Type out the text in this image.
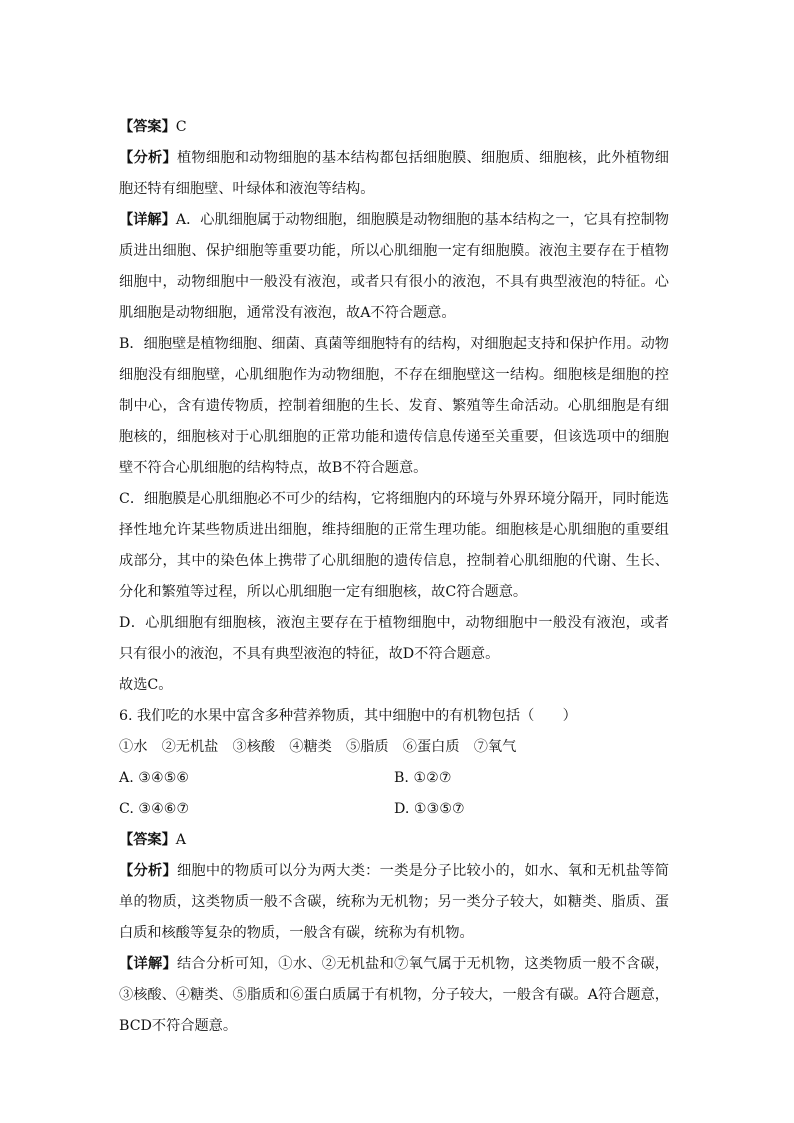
【答案】C

【分析】植物细胞和动物细胞的基本结构都包括细胞膜、细胞质、细胞核，此外植物细胞还特有细胞壁、叶绿体和液泡等结构。

【详解】A．心肌细胞属于动物细胞，细胞膜是动物细胞的基本结构之一，它具有控制物质进出细胞、保护细胞等重要功能，所以心肌细胞一定有细胞膜。液泡主要存在于植物细胞中，动物细胞中一般没有液泡，或者只有很小的液泡，不具有典型液泡的特征。心肌细胞是动物细胞，通常没有液泡，故A不符合题意。

B．细胞壁是植物细胞、细菌、真菌等细胞特有的结构，对细胞起支持和保护作用。动物细胞没有细胞壁，心肌细胞作为动物细胞，不存在细胞壁这一结构。细胞核是细胞的控制中心，含有遗传物质，控制着细胞的生长、发育、繁殖等生命活动。心肌细胞是有细胞核的，细胞核对于心肌细胞的正常功能和遗传信息传递至关重要，但该选项中的细胞壁不符合心肌细胞的结构特点，故B不符合题意。

C．细胞膜是心肌细胞必不可少的结构，它将细胞内的环境与外界环境分隔开，同时能选择性地允许某些物质进出细胞，维持细胞的正常生理功能。细胞核是心肌细胞的重要组成部分，其中的染色体上携带了心肌细胞的遗传信息，控制着心肌细胞的代谢、生长、分化和繁殖等过程，所以心肌细胞一定有细胞核，故C符合题意。

D．心肌细胞有细胞核，液泡主要存在于植物细胞中，动物细胞中一般没有液泡，或者只有很小的液泡，不具有典型液泡的特征，故D不符合题意。

故选C。

6. 我们吃的水果中富含多种营养物质，其中细胞中的有机物包括（　　）

①水　②无机盐　③核酸　④糖类　⑤脂质　⑥蛋白质　⑦氧气

A. ③④⑤⑥	B. ①②⑦
C. ③④⑥⑦	D. ①③⑤⑦

【答案】A

【分析】细胞中的物质可以分为两大类：一类是分子比较小的，如水、氧和无机盐等简单的物质，这类物质一般不含碳，统称为无机物；另一类分子较大，如糖类、脂质、蛋白质和核酸等复杂的物质，一般含有碳，统称为有机物。

【详解】结合分析可知，①水、②无机盐和⑦氧气属于无机物，这类物质一般不含碳，③核酸、④糖类、⑤脂质和⑥蛋白质属于有机物，分子较大，一般含有碳。A符合题意，BCD不符合题意。
